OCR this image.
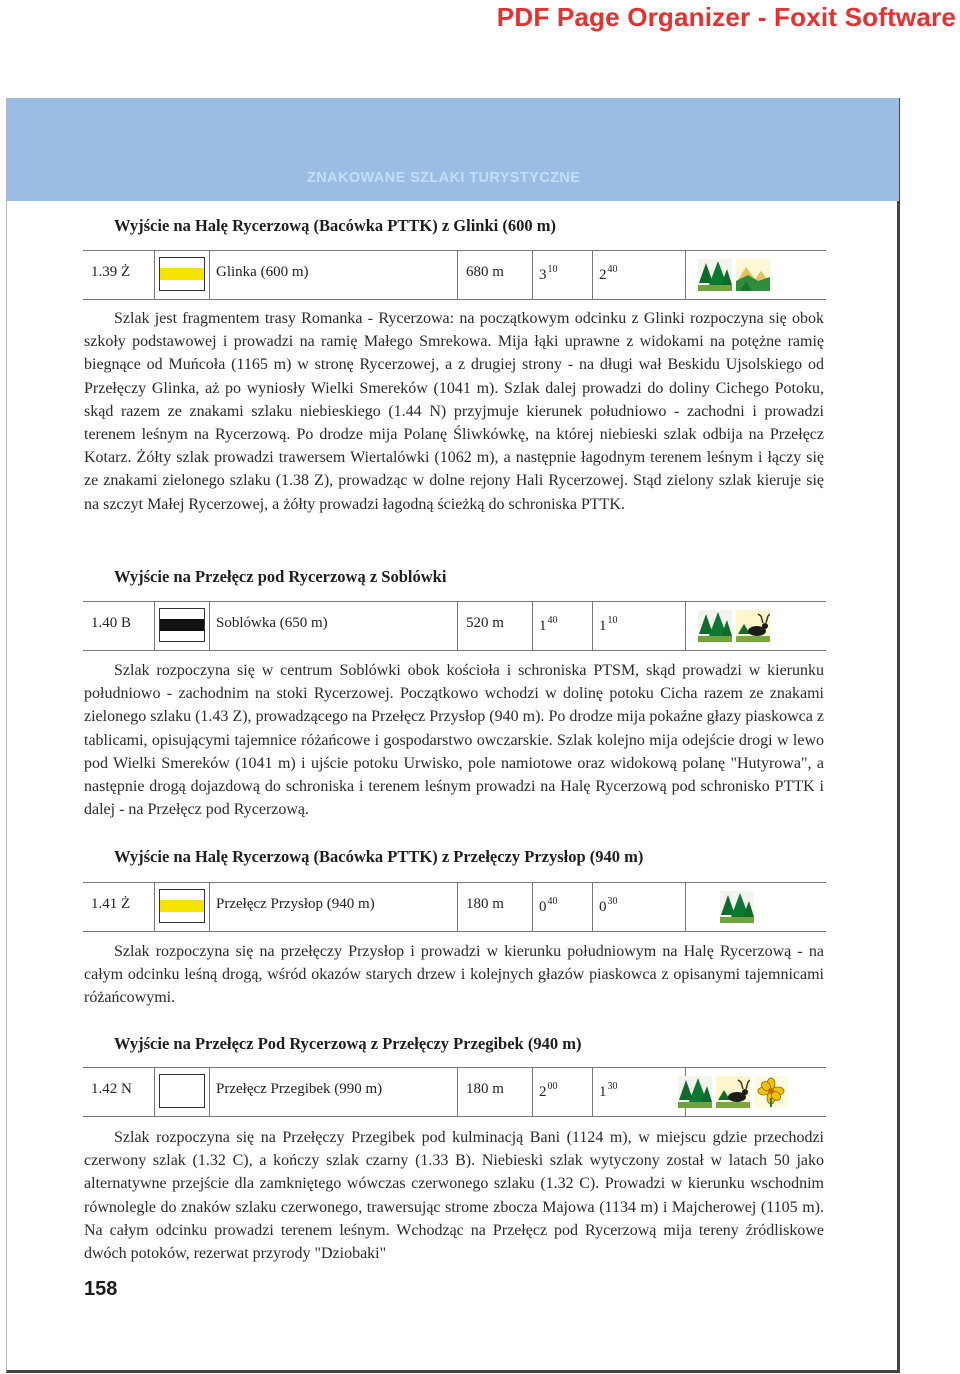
PDF Page Organizer - Foxit Software
ZNAKOWANE SZLAKI TURYSTYCZNE
Wyjście na Halę Rycerzową (Bacówka PTTK) z Glinki (600 m)
1.39 Ż	Glinka (600 m)	680 m $3^{10}$	$2^{40}$

Szlak jest fragmentem trasy Romanka - Rycerzowa: na początkowym odcinku z Glinki rozpoczyna się obok szkoły podstawowej i prowadzi na ramię Małego Smrekowa. Mija łąki uprawne z widokami na potężne ramię biegnące od Muńcoła (1165 m) w stronę Rycerzowej, a z drugiej strony - na długi wał Beskidu Ujsolskiego od Przełęczy Glinka, aż po wyniosły Wielki Smereków (1041 m). Szlak dalej prowadzi do doliny Cichego Potoku, skąd razem ze znakami szlaku niebieskiego (1.44 N) przyjmuje kierunek południowo - zachodni i prowadzi terenem leśnym na Rycerzową. Po drodze mija Polanę Śliwkówkę, na której niebieski szlak odbija na Przełęcz Kotarz. Żółty szlak prowadzi trawersem Wiertalówki (1062 m), a następnie łagodnym terenem leśnym i łączy się ze znakami zielonego szlaku (1.38 Z), prowadząc w dolne rejony Hali Rycerzowej. Stąd zielony szlak kieruje się na szczyt Małej Rycerzowej, a żółty prowadzi łagodną ścieżką do schroniska PTTK.

Wyjście na Przełęcz pod Rycerzową z Soblówki
1.40 B	Soblówka (650 m)	520 m $1^{40}$	$1^{10}$

Szlak rozpoczyna się w centrum Soblówki obok kościoła i schroniska PTSM, skąd prowadzi w kierunku południowo - zachodnim na stoki Rycerzowej. Początkowo wchodzi w dolinę potoku Cicha razem ze znakami zielonego szlaku (1.43 Z), prowadzącego na Przełęcz Przysłop (940 m). Po drodze mija pokaźne głazy piaskowca z tablicami, opisującymi tajemnice różańcowe i gospodarstwo owczarskie. Szlak kolejno mija odejście drogi w lewo pod Wielki Smereków (1041 m) i ujście potoku Urwisko, pole namiotowe oraz widokową polanę "Hutyrowa", a następnie drogą dojazdową do schroniska i terenem leśnym prowadzi na Halę Rycerzową pod schronisko PTTK i dalej - na Przełęcz pod Rycerzową.

Wyjście na Halę Rycerzową (Bacówka PTTK) z Przełęczy Przysłop (940 m)
1.41 Ż	Przełęcz Przysłop (940 m)	180 m $0^{40}$	$0^{30}$

Szlak rozpoczyna się na przełęczy Przysłop i prowadzi w kierunku południowym na Halę Rycerzową - na całym odcinku leśną drogą, wśród okazów starych drzew i kolejnych głazów piaskowca z opisanymi tajemnicami różańcowymi.

Wyjście na Przełęcz Pod Rycerzową z Przełęczy Przegibek (940 m)
1.42 N	Przełęcz Przegibek (990 m)	180 m $2^{00}$	$1^{30}$

Szlak rozpoczyna się na Przełęczy Przegibek pod kulminacją Bani (1124 m), w miejscu gdzie przechodzi czerwony szlak (1.32 C), a kończy szlak czarny (1.33 B). Niebieski szlak wytyczony został w latach 50 jako alternatywne przejście dla zamkniętego wówczas czerwonego szlaku (1.32 C). Prowadzi w kierunku wschodnim równolegle do znaków szlaku czerwonego, trawersując strome zbocza Majowa (1134 m) i Majcherowej (1105 m). Na całym odcinku prowadzi terenem leśnym. Wchodząc na Przełęcz pod Rycerzową mija tereny źródliskowe dwóch potoków, rezerwat przyrody "Dziobaki"

158
